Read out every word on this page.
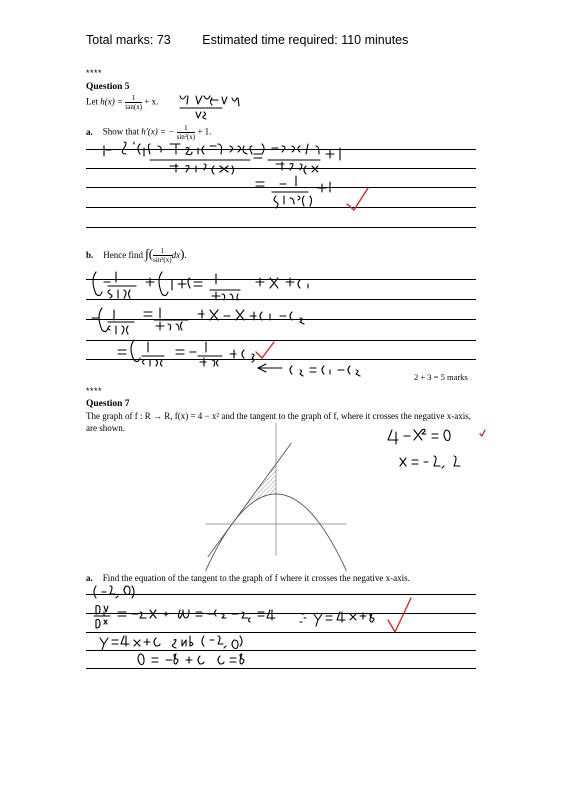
Total marks: 73	Estimated time required: 110 minutes
****
Question 5
Let $h(x) = \frac{1}{\tan(x)} + x$.
a. Show that h′(x) = − $\frac{1}{\text{sin²(x)}} + 1$.
b. Hence find ∫( $\frac{1}{\text{sin²(x)}} dx$).
2 + 3 = 5 marks
****
Question 7
The graph of f : R → R, f(x) = 4 − x² and the tangent to the graph of f, where it crosses the negative x-axis, are shown.
a. Find the equation of the tangent to the graph of f where it crosses the negative x-axis.
